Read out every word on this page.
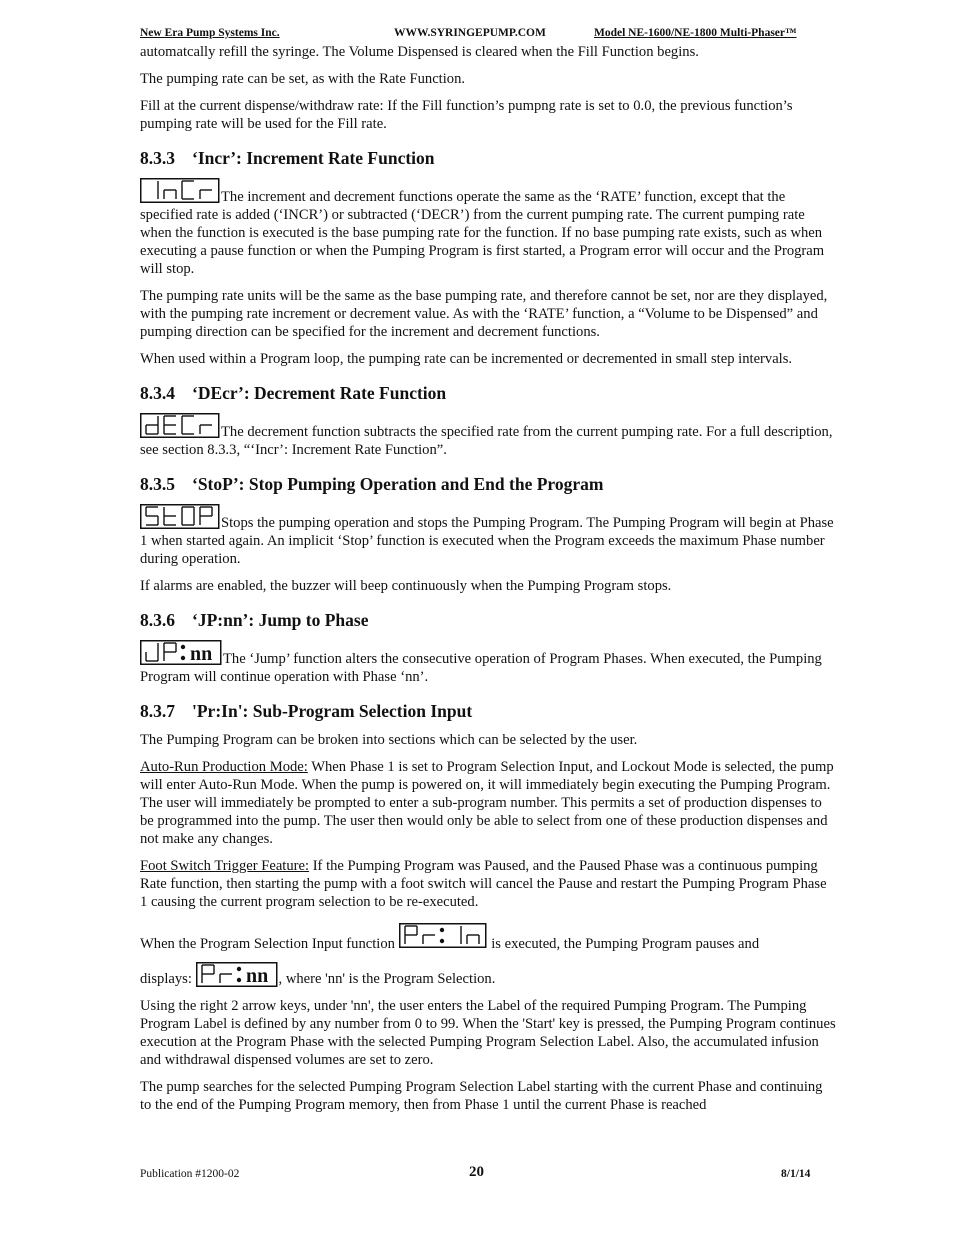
New Era Pump Systems Inc.	WWW.SYRINGEPUMP.COM	Model NE-1600/NE-1800 Multi-Phaser™

automatcally refill the syringe. The Volume Dispensed is cleared when the Fill Function begins.

The pumping rate can be set, as with the Rate Function.

Fill at the current dispense/withdraw rate: If the Fill function’s pumpng rate is set to 0.0, the previous function’s pumping rate will be used for the Fill rate.

8.3.3 ‘Incr’: Increment Rate Function

The increment and decrement functions operate the same as the ‘RATE’ function, except that the specified rate is added (‘INCR’) or subtracted (‘DECR’) from the current pumping rate. The current pumping rate when the function is executed is the base pumping rate for the function. If no base pumping rate exists, such as when executing a pause function or when the Pumping Program is first started, a Program error will occur and the Program will stop.

The pumping rate units will be the same as the base pumping rate, and therefore cannot be set, nor are they displayed, with the pumping rate increment or decrement value. As with the ‘RATE’ function, a “Volume to be Dispensed” and pumping direction can be specified for the increment and decrement functions.

When used within a Program loop, the pumping rate can be incremented or decremented in small step intervals.

8.3.4 ‘DEcr’: Decrement Rate Function

The decrement function subtracts the specified rate from the current pumping rate. For a full description, see section 8.3.3, “‘Incr’: Increment Rate Function”.

8.3.5 ‘StoP’: Stop Pumping Operation and End the Program

Stops the pumping operation and stops the Pumping Program. The Pumping Program will begin at Phase 1 when started again. An implicit ‘Stop’ function is executed when the Program exceeds the maximum Phase number during operation.

If alarms are enabled, the buzzer will beep continuously when the Pumping Program stops.

8.3.6 ‘JP:nn’: Jump to Phase

nn The ‘Jump’ function alters the consecutive operation of Program Phases. When executed, the Pumping Program will continue operation with Phase ‘nn’.

8.3.7 'Pr:In': Sub-Program Selection Input

The Pumping Program can be broken into sections which can be selected by the user.

Auto-Run Production Mode: When Phase 1 is set to Program Selection Input, and Lockout Mode is selected, the pump will enter Auto-Run Mode. When the pump is powered on, it will immediately begin executing the Pumping Program. The user will immediately be prompted to enter a sub-program number. This permits a set of production dispenses to be programmed into the pump. The user then would only be able to select from one of these production dispenses and not make any changes.

Foot Switch Trigger Feature: If the Pumping Program was Paused, and the Paused Phase was a continuous pumping Rate function, then starting the pump with a foot switch will cancel the Pause and restart the Pumping Program Phase 1 causing the current program selection to be re-executed.

When the Program Selection Input function	is executed, the Pumping Program pauses and

displays:	nn , where 'nn' is the Program Selection.

Using the right 2 arrow keys, under 'nn', the user enters the Label of the required Pumping Program. The Pumping Program Label is defined by any number from 0 to 99. When the 'Start' key is pressed, the Pumping Program continues execution at the Program Phase with the selected Pumping Program Selection Label. Also, the accumulated infusion and withdrawal dispensed volumes are set to zero.

The pump searches for the selected Pumping Program Selection Label starting with the current Phase and continuing to the end of the Pumping Program memory, then from Phase 1 until the current Phase is reached

Publication #1200-02	20	8/1/14
